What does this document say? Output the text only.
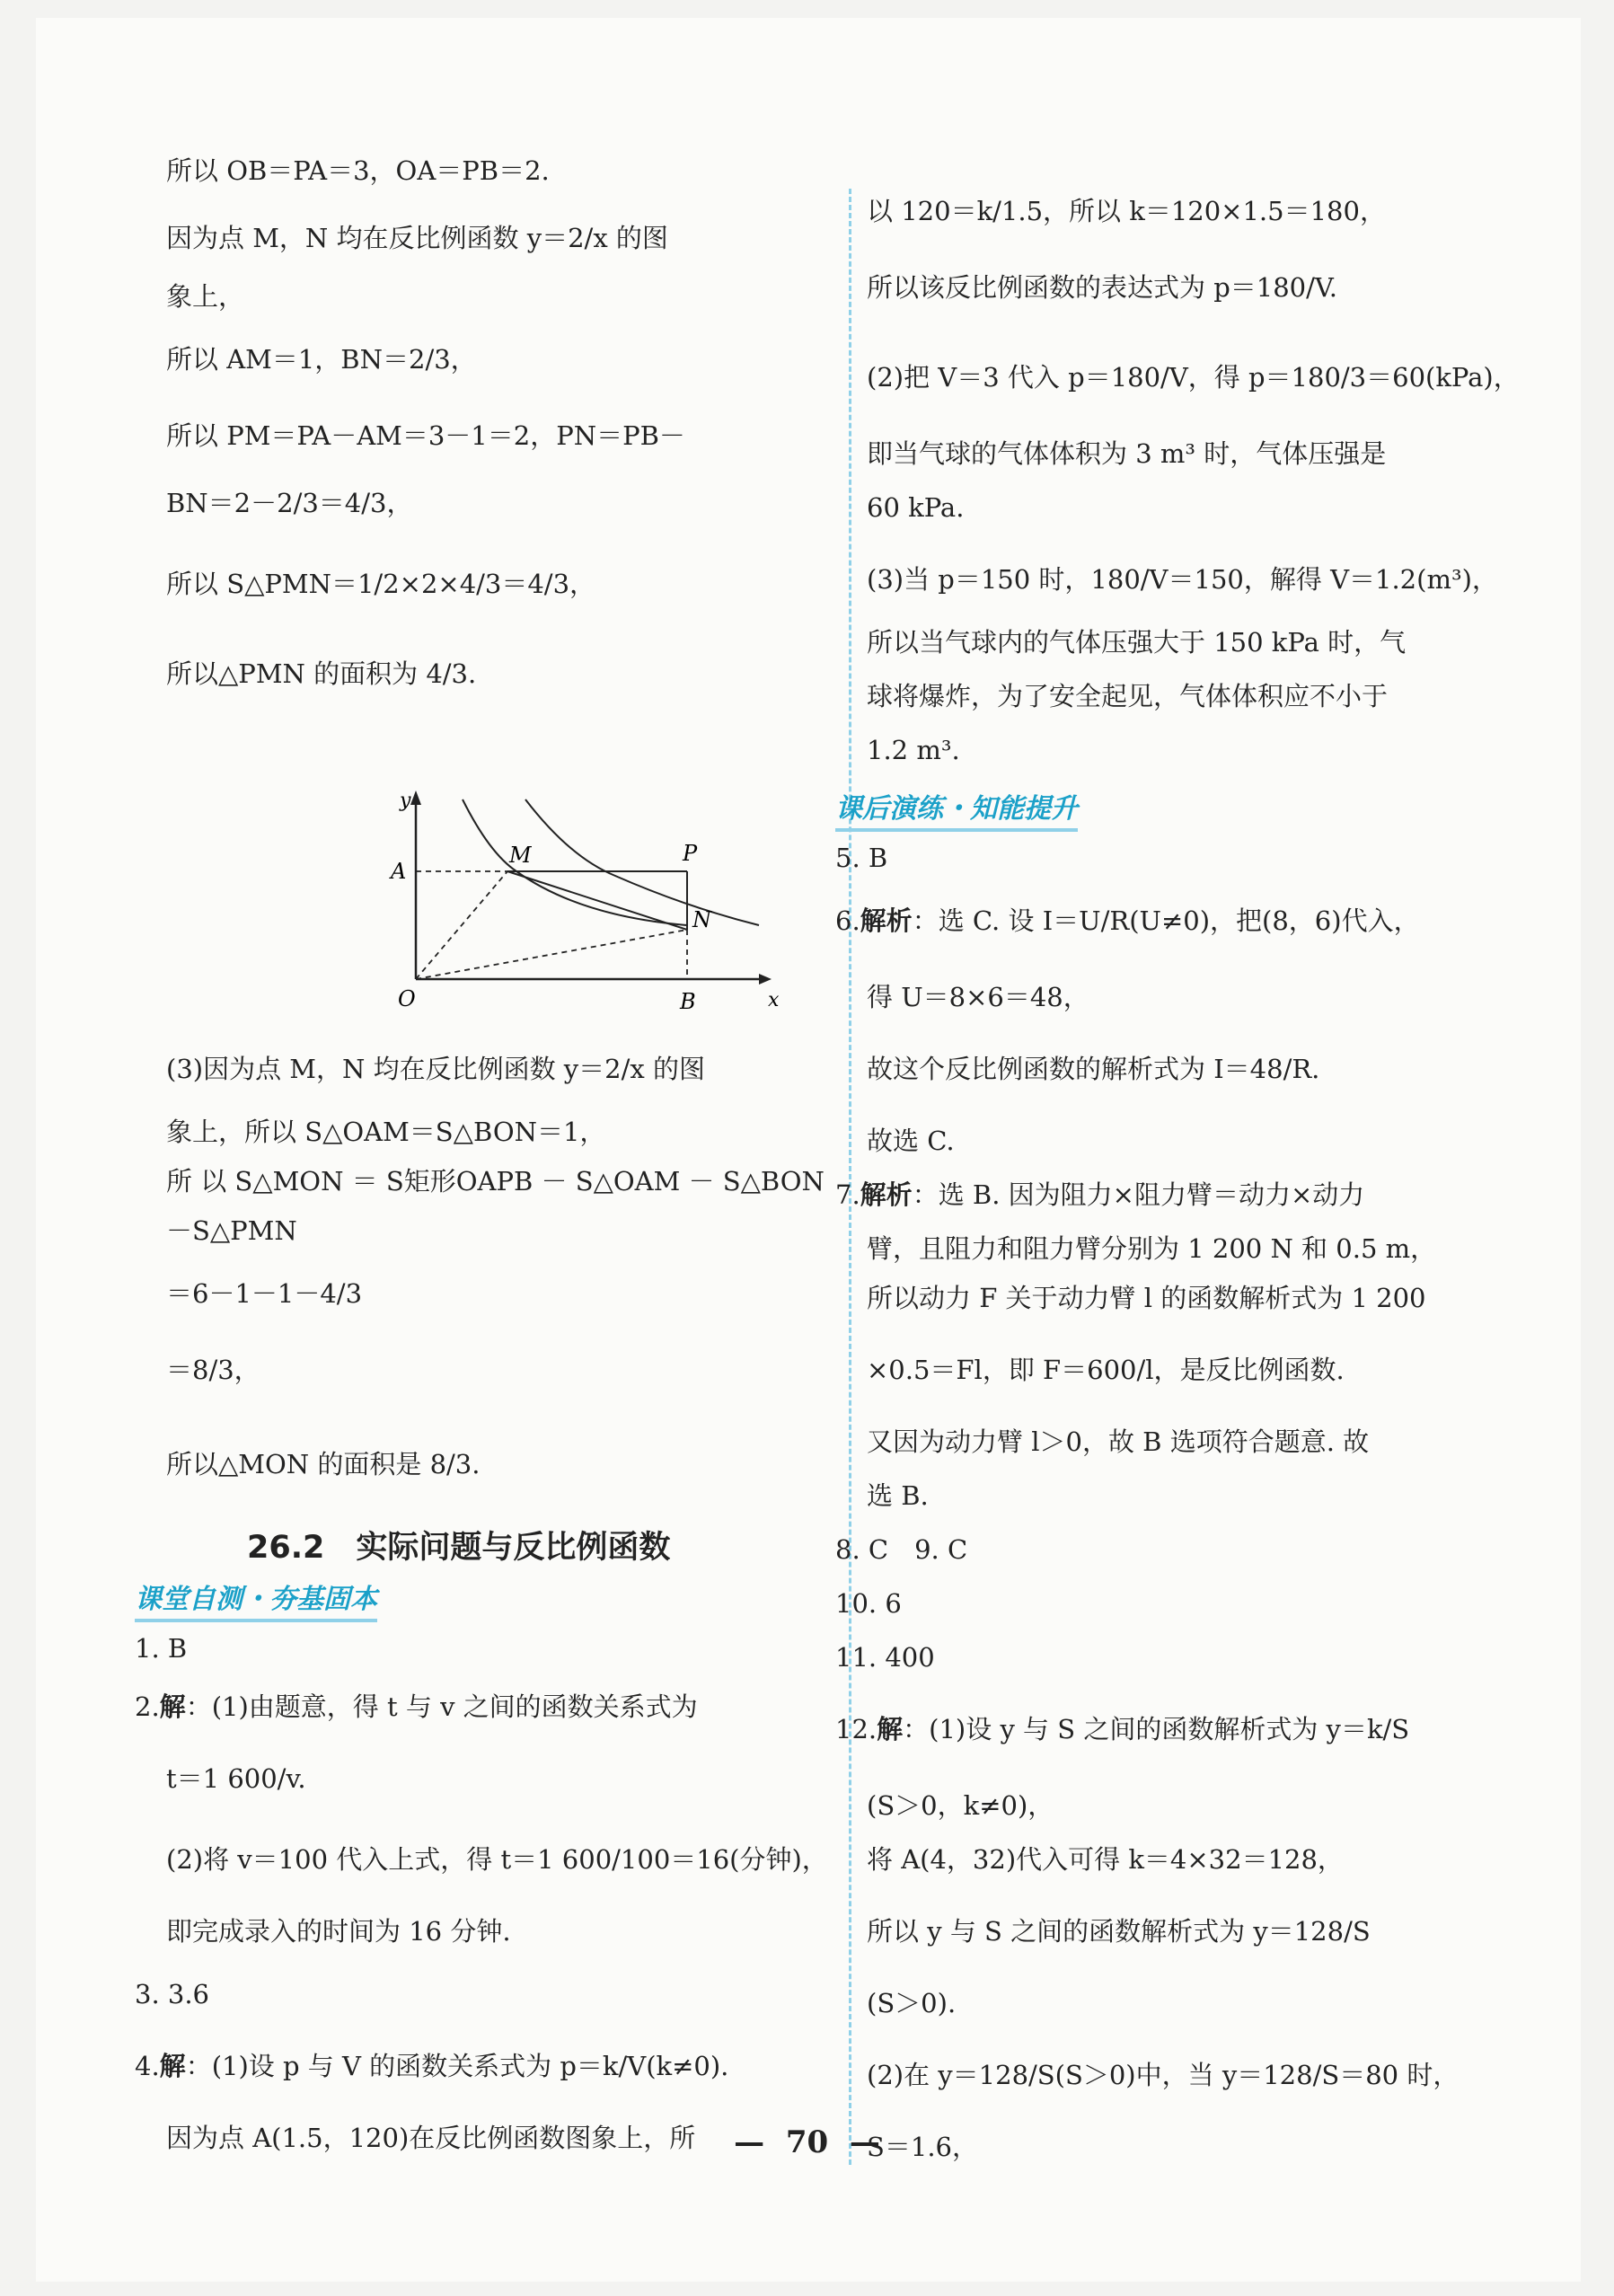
所以 OB＝PA＝3，OA＝PB＝2.
因为点 M，N 均在反比例函数 y＝2/x 的图
象上，
所以 AM＝1，BN＝2/3，
所以 PM＝PA－AM＝3－1＝2，PN＝PB－
BN＝2－2/3＝4/3，
所以 S△PMN＝1/2×2×4/3＝4/3，
所以△PMN 的面积为 4/3.
y
x
O
A
M	P
N
B
(3)因为点 M，N 均在反比例函数 y＝2/x 的图
象上，所以 S△OAM＝S△BON＝1，
所 以 S△MON ＝ S矩形OAPB － S△OAM － S△BON
－S△PMN
＝6－1－1－4/3
＝8/3，
所以△MON 的面积是 8/3.
26.2　实际问题与反比例函数
课堂自测・夯基固本
1. B
2.解：(1)由题意，得 t 与 v 之间的函数关系式为
t＝1 600/v.
(2)将 v＝100 代入上式，得 t＝1 600/100＝16(分钟)，
即完成录入的时间为 16 分钟.
3. 3.6
4.解：(1)设 p 与 V 的函数关系式为 p＝k/V(k≠0).
因为点 A(1.5，120)在反比例函数图象上，所
以 120＝k/1.5，所以 k＝120×1.5＝180，
所以该反比例函数的表达式为 p＝180/V.
(2)把 V＝3 代入 p＝180/V，得 p＝180/3＝60(kPa)，
即当气球的气体体积为 3 m³ 时，气体压强是
60 kPa.
(3)当 p＝150 时，180/V＝150，解得 V＝1.2(m³)，
所以当气球内的气体压强大于 150 kPa 时，气
球将爆炸，为了安全起见，气体体积应不小于
1.2 m³.
课后演练・知能提升
5. B
6.解析：选 C. 设 I＝U/R(U≠0)，把(8，6)代入，
得 U＝8×6＝48，
故这个反比例函数的解析式为 I＝48/R.
故选 C.
7.解析：选 B. 因为阻力×阻力臂＝动力×动力
臂，且阻力和阻力臂分别为 1 200 N 和 0.5 m，
所以动力 F 关于动力臂 l 的函数解析式为 1 200
×0.5＝Fl，即 F＝600/l，是反比例函数.
又因为动力臂 l＞0，故 B 选项符合题意. 故
选 B.
8. C　9. C
10. 6
11. 400
12.解：(1)设 y 与 S 之间的函数解析式为 y＝k/S
(S＞0，k≠0)，
将 A(4，32)代入可得 k＝4×32＝128，
所以 y 与 S 之间的函数解析式为 y＝128/S
(S＞0).
(2)在 y＝128/S(S＞0)中，当 y＝128/S＝80 时，
S＝1.6，
—  70  —
